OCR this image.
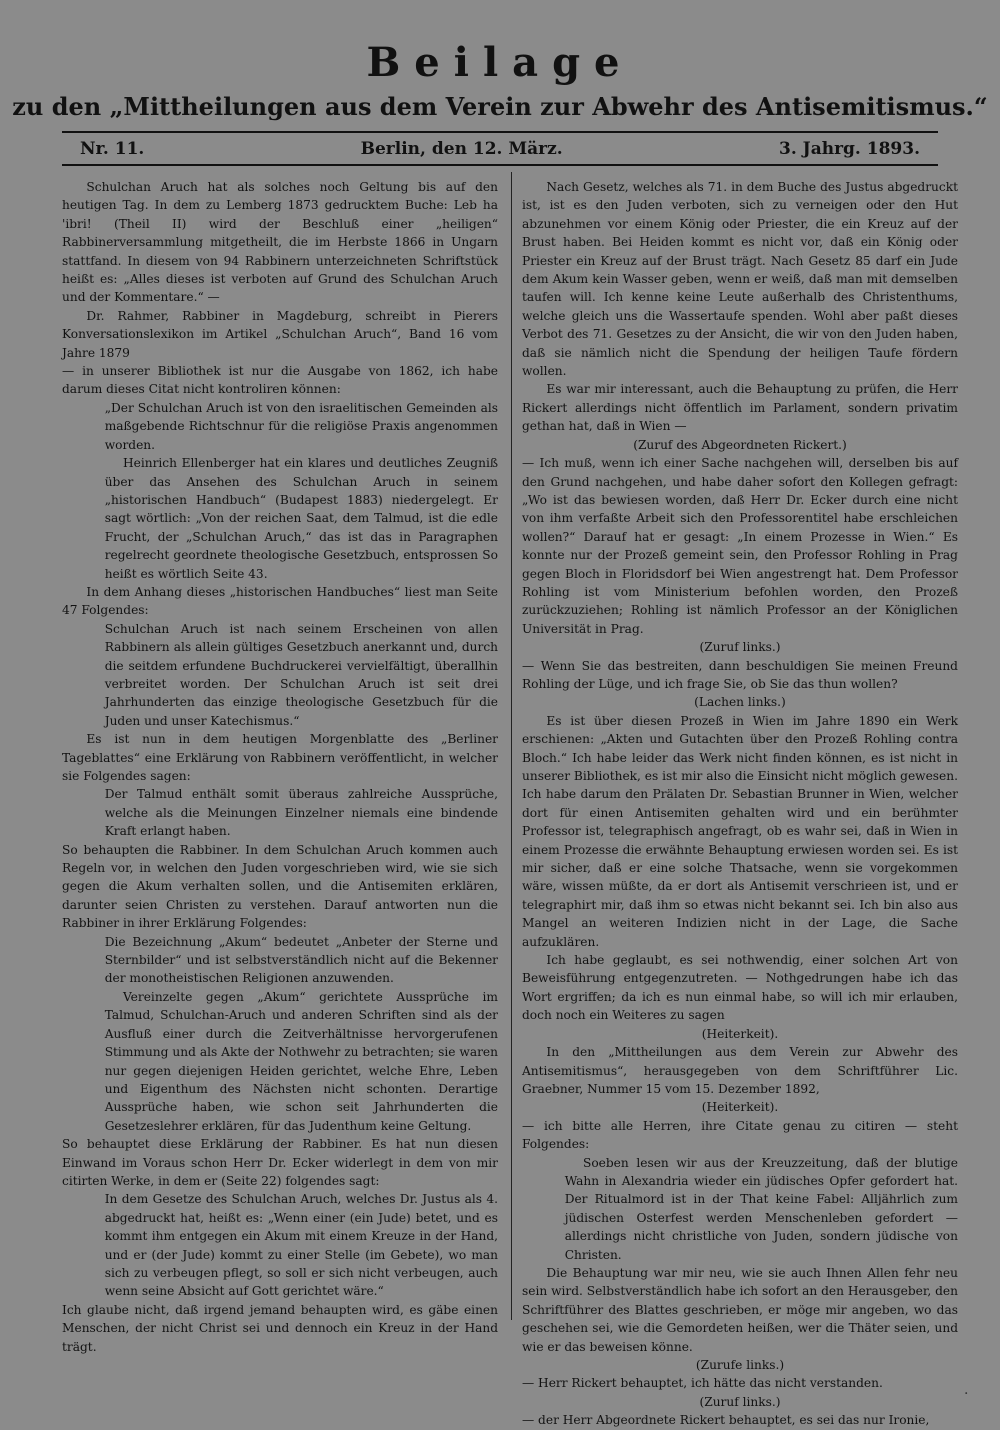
Beilage
zu den „Mittheilungen aus dem Verein zur Abwehr des Antisemitismus.“
Nr. 11.	Berlin, den 12. März.	3. Jahrg. 1893.

Schulchan Aruch hat als solches noch Geltung bis auf den heutigen Tag. In dem zu Lemberg 1873 gedrucktem Buche: Leb ha 'ibri! (Theil II) wird der Beschluß einer „heiligen“ Rabbinerversammlung mitgetheilt, die im Herbste 1866 in Ungarn stattfand. In diesem von 94 Rabbinern unterzeichneten Schriftstück heißt es: „Alles dieses ist verboten auf Grund des Schulchan Aruch und der Kommentare.“ —

Dr. Rahmer, Rabbiner in Magdeburg, schreibt in Pierers Konversationslexikon im Artikel „Schulchan Aruch“, Band 16 vom Jahre 1879

— in unserer Bibliothek ist nur die Ausgabe von 1862, ich habe darum dieses Citat nicht kontroliren können:

„Der Schulchan Aruch ist von den israelitischen Gemeinden als maßgebende Richtschnur für die religiöse Praxis angenommen worden.

Heinrich Ellenberger hat ein klares und deutliches Zeugniß über das Ansehen des Schulchan Aruch in seinem „historischen Handbuch“ (Budapest 1883) niedergelegt. Er sagt wörtlich: „Von der reichen Saat, dem Talmud, ist die edle Frucht, der „Schulchan Aruch,“ das ist das in Paragraphen regelrecht geordnete theologische Gesetzbuch, entsprossen So heißt es wörtlich Seite 43.

In dem Anhang dieses „historischen Handbuches“ liest man Seite 47 Folgendes:

Schulchan Aruch ist nach seinem Erscheinen von allen Rabbinern als allein gültiges Gesetzbuch anerkannt und, durch die seitdem erfundene Buchdruckerei vervielfältigt, überallhin verbreitet worden. Der Schulchan Aruch ist seit drei Jahrhunderten das einzige theologische Gesetzbuch für die Juden und unser Katechismus.“

Es ist nun in dem heutigen Morgenblatte des „Berliner Tageblattes“ eine Erklärung von Rabbinern veröffentlicht, in welcher sie Folgendes sagen:

Der Talmud enthält somit überaus zahlreiche Aussprüche, welche als die Meinungen Einzelner niemals eine bindende Kraft erlangt haben.

So behaupten die Rabbiner. In dem Schulchan Aruch kommen auch Regeln vor, in welchen den Juden vorgeschrieben wird, wie sie sich gegen die Akum verhalten sollen, und die Antisemiten erklären, darunter seien Christen zu verstehen. Darauf antworten nun die Rabbiner in ihrer Erklärung Folgendes:

Die Bezeichnung „Akum“ bedeutet „Anbeter der Sterne und Sternbilder“ und ist selbstverständlich nicht auf die Bekenner der monotheistischen Religionen anzuwenden.

Vereinzelte gegen „Akum“ gerichtete Aussprüche im Talmud, Schulchan-Aruch und anderen Schriften sind als der Ausfluß einer durch die Zeitverhältnisse hervorgerufenen Stimmung und als Akte der Nothwehr zu betrachten; sie waren nur gegen diejenigen Heiden gerichtet, welche Ehre, Leben und Eigenthum des Nächsten nicht schonten. Derartige Aussprüche haben, wie schon seit Jahrhunderten die Gesetzeslehrer erklären, für das Judenthum keine Geltung.

So behauptet diese Erklärung der Rabbiner. Es hat nun diesen Einwand im Voraus schon Herr Dr. Ecker widerlegt in dem von mir citirten Werke, in dem er (Seite 22) folgendes sagt:

In dem Gesetze des Schulchan Aruch, welches Dr. Justus als 4. abgedruckt hat, heißt es: „Wenn einer (ein Jude) betet, und es kommt ihm entgegen ein Akum mit einem Kreuze in der Hand, und er (der Jude) kommt zu einer Stelle (im Gebete), wo man sich zu verbeugen pflegt, so soll er sich nicht verbeugen, auch wenn seine Absicht auf Gott gerichtet wäre.“

Ich glaube nicht, daß irgend jemand behaupten wird, es gäbe einen Menschen, der nicht Christ sei und dennoch ein Kreuz in der Hand trägt.

Nach Gesetz, welches als 71. in dem Buche des Justus abgedruckt ist, ist es den Juden verboten, sich zu verneigen oder den Hut abzunehmen vor einem König oder Priester, die ein Kreuz auf der Brust haben. Bei Heiden kommt es nicht vor, daß ein König oder Priester ein Kreuz auf der Brust trägt. Nach Gesetz 85 darf ein Jude dem Akum kein Wasser geben, wenn er weiß, daß man mit demselben taufen will. Ich kenne keine Leute außerhalb des Christenthums, welche gleich uns die Wassertaufe spenden. Wohl aber paßt dieses Verbot des 71. Gesetzes zu der Ansicht, die wir von den Juden haben, daß sie nämlich nicht die Spendung der heiligen Taufe fördern wollen.

Es war mir interessant, auch die Behauptung zu prüfen, die Herr Rickert allerdings nicht öffentlich im Parlament, sondern privatim gethan hat, daß in Wien —

(Zuruf des Abgeordneten Rickert.)

— Ich muß, wenn ich einer Sache nachgehen will, derselben bis auf den Grund nachgehen, und habe daher sofort den Kollegen gefragt: „Wo ist das bewiesen worden, daß Herr Dr. Ecker durch eine nicht von ihm verfaßte Arbeit sich den Professorentitel habe erschleichen wollen?“ Darauf hat er gesagt: „In einem Prozesse in Wien.“ Es konnte nur der Prozeß gemeint sein, den Professor Rohling in Prag gegen Bloch in Floridsdorf bei Wien angestrengt hat. Dem Professor Rohling ist vom Ministerium befohlen worden, den Prozeß zurückzuziehen; Rohling ist nämlich Professor an der Königlichen Universität in Prag.

(Zuruf links.)

— Wenn Sie das bestreiten, dann beschuldigen Sie meinen Freund Rohling der Lüge, und ich frage Sie, ob Sie das thun wollen?

(Lachen links.)

Es ist über diesen Prozeß in Wien im Jahre 1890 ein Werk erschienen: „Akten und Gutachten über den Prozeß Rohling contra Bloch.“ Ich habe leider das Werk nicht finden können, es ist nicht in unserer Bibliothek, es ist mir also die Einsicht nicht möglich gewesen. Ich habe darum den Prälaten Dr. Sebastian Brunner in Wien, welcher dort für einen Antisemiten gehalten wird und ein berühmter Professor ist, telegraphisch angefragt, ob es wahr sei, daß in Wien in einem Prozesse die erwähnte Behauptung erwiesen worden sei. Es ist mir sicher, daß er eine solche Thatsache, wenn sie vorgekommen wäre, wissen müßte, da er dort als Antisemit verschrieen ist, und er telegraphirt mir, daß ihm so etwas nicht bekannt sei. Ich bin also aus Mangel an weiteren Indizien nicht in der Lage, die Sache aufzuklären.

Ich habe geglaubt, es sei nothwendig, einer solchen Art von Beweisführung entgegenzutreten. — Nothgedrungen habe ich das Wort ergriffen; da ich es nun einmal habe, so will ich mir erlauben, doch noch ein Weiteres zu sagen

(Heiterkeit).

In den „Mittheilungen aus dem Verein zur Abwehr des Antisemitismus“, herausgegeben von dem Schriftführer Lic. Graebner, Nummer 15 vom 15. Dezember 1892,

(Heiterkeit).

— ich bitte alle Herren, ihre Citate genau zu citiren — steht Folgendes:

Soeben lesen wir aus der Kreuzzeitung, daß der blutige Wahn in Alexandria wieder ein jüdisches Opfer gefordert hat. Der Ritualmord ist in der That keine Fabel: Alljährlich zum jüdischen Osterfest werden Menschenleben gefordert — allerdings nicht christliche von Juden, sondern jüdische von Christen.

Die Behauptung war mir neu, wie sie auch Ihnen Allen fehr neu sein wird. Selbstverständlich habe ich sofort an den Herausgeber, den Schriftführer des Blattes geschrieben, er möge mir angeben, wo das geschehen sei, wie die Gemordeten heißen, wer die Thäter seien, und wie er das beweisen könne.

(Zurufe links.)

— Herr Rickert behauptet, ich hätte das nicht verstanden.

(Zuruf links.)

— der Herr Abgeordnete Rickert behauptet, es sei das nur Ironie,

·
